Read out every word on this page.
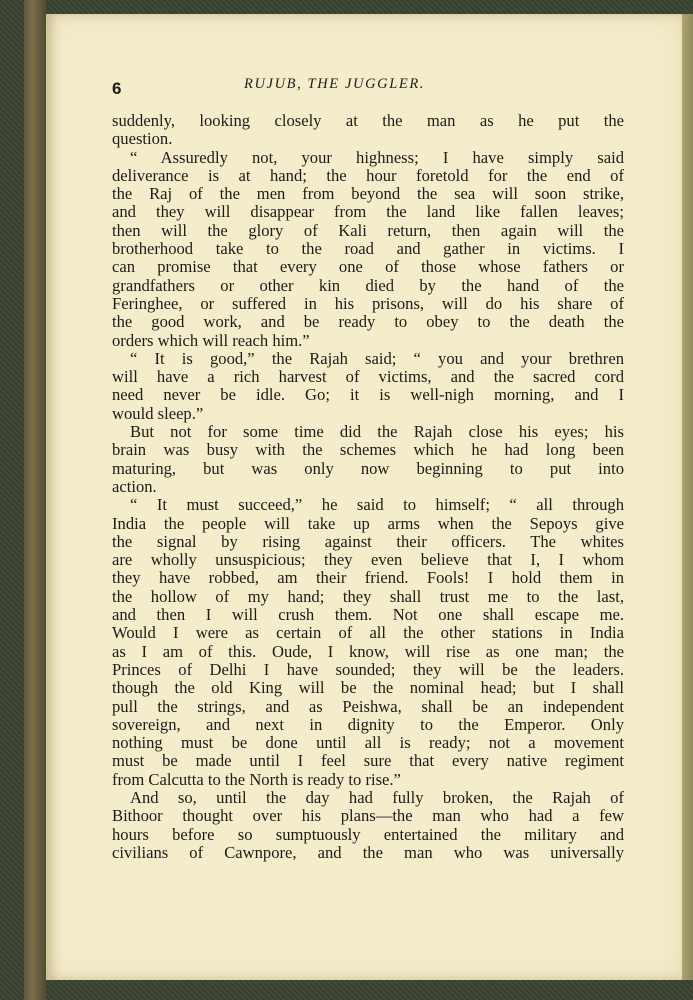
6	RUJUB, THE JUGGLER.
suddenly, looking closely at the man as he put the
question.
“ Assuredly not, your highness; I have simply said
deliverance is at hand; the hour foretold for the end of
the Raj of the men from beyond the sea will soon strike,
and they will disappear from the land like fallen leaves;
then will the glory of Kali return, then again will the
brotherhood take to the road and gather in victims. I
can promise that every one of those whose fathers or
grandfathers or other kin died by the hand of the
Feringhee, or suffered in his prisons, will do his share of
the good work, and be ready to obey to the death the
orders which will reach him.”
“ It is good,” the Rajah said; “ you and your brethren
will have a rich harvest of victims, and the sacred cord
need never be idle. Go; it is well-nigh morning, and I
would sleep.”
But not for some time did the Rajah close his eyes; his
brain was busy with the schemes which he had long been
maturing, but was only now beginning to put into
action.
“ It must succeed,” he said to himself; “ all through
India the people will take up arms when the Sepoys give
the signal by rising against their officers. The whites
are wholly unsuspicious; they even believe that I, I whom
they have robbed, am their friend. Fools! I hold them in
the hollow of my hand; they shall trust me to the last,
and then I will crush them. Not one shall escape me.
Would I were as certain of all the other stations in India
as I am of this. Oude, I know, will rise as one man; the
Princes of Delhi I have sounded; they will be the leaders.
though the old King will be the nominal head; but I shall
pull the strings, and as Peishwa, shall be an independent
sovereign, and next in dignity to the Emperor. Only
nothing must be done until all is ready; not a movement
must be made until I feel sure that every native regiment
from Calcutta to the North is ready to rise.”
And so, until the day had fully broken, the Rajah of
Bithoor thought over his plans—the man who had a few
hours before so sumptuously entertained the military and
civilians of Cawnpore, and the man who was universally
